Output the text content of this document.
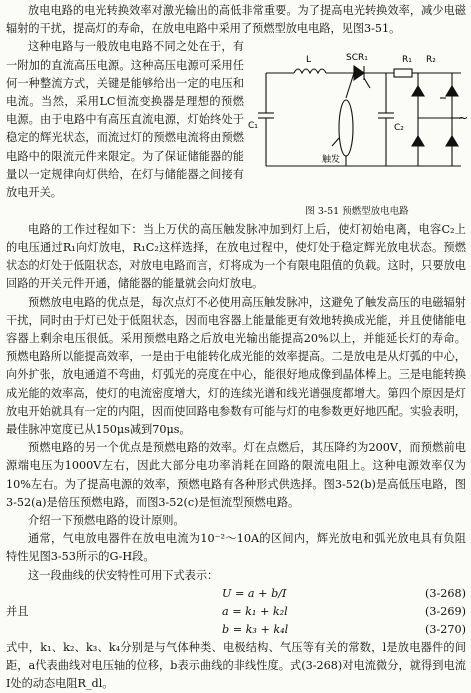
放电电路的电光转换效率对激光输出的高低非常重要。为了提高电光转换效率，减少电磁辐射的干扰，提高灯的寿命，在放电电路中采用了预燃型放电电路，见图3-51。

这种电路与一般放电电路不同之处在于，有一附加的直流高压电源。这种高压电源可采用任何一种整流方式，关键是能够给出一定的电压和电流。当然，采用LC恒流变换器是理想的预燃电源。由于电路中有高压直流电源，灯始终处于稳定的辉光状态，而流过灯的预燃电流将由预燃电路中的限流元件来限定。为了保证储能器的能量以一定规律向灯供给，在灯与储能器之间接有放电开关。

L	SCR₁	R₁
C₁	C₂
R₂
触发
~
图 3-51 预燃型放电电路

电路的工作过程如下：当上万伏的高压触发脉冲加到灯上后，使灯初始电离，电容C₂上的电压通过R₁向灯放电，R₁C₂这样选择，在放电过程中，使灯处于稳定辉光放电状态。预燃状态的灯处于低阻状态，对放电电路而言，灯将成为一个有限电阻值的负载。这时，只要放电回路的开关元件开通，储能器的能量就会向灯放电。

预燃放电电路的优点是，每次点灯不必使用高压触发脉冲，这避免了触发高压的电磁辐射干扰，同时由于灯已处于低阻状态，因而电容器上能量能更有效地转换成光能，并且使储能电容器上剩余电压很低。采用预燃电路之后放电光输出能提高20%以上，并能延长灯的寿命。预燃电路所以能提高效率，一是由于电能转化成光能的效率提高。二是放电是从灯弧的中心，向外扩张，放电通道不弯曲，灯弧光的亮度在中心，能很好地成像到晶体棒上。三是电能转换成光能的效率高，使灯的电流密度增大，灯的连续光谱和线光谱强度都增大。第四个原因是灯放电开始就具有一定的内阻，因而使回路电参数有可能与灯的电参数更好地匹配。实验表明，最佳脉冲宽度已从150μs减到70μs。

预燃电路的另一个优点是预燃电路的效率。灯在点燃后，其压降约为200V，而预燃前电源端电压为1000V左右，因此大部分电功率消耗在回路的限流电阻上。这种电源效率仅为10%左右。为了提高电源的效率，预燃电路有各种形式供选择。图3-52(b)是高低压电路，图3-52(a)是倍压预燃电路，而图3-52(c)是恒流型预燃电路。

介绍一下预燃电路的设计原则。

通常，气电放电器件在放电电流为10⁻²～10A的区间内，辉光放电和弧光放电具有负阻特性见图3-53所示的G-H段。

这一段曲线的伏安特性可用下式表示：

U = a + b/I	(3-268)
并且	a = k₁ + k₂l	(3-269)
b = k₃ + k₄l	(3-270)

式中，k₁、k₂、k₃、k₄分别是与气体种类、电极结构、气压等有关的常数，l是放电器件的间距，a代表曲线对电压轴的位移，b表示曲线的非线性度。式(3-268)对电流微分，就得到电流I处的动态电阻R_dl。
